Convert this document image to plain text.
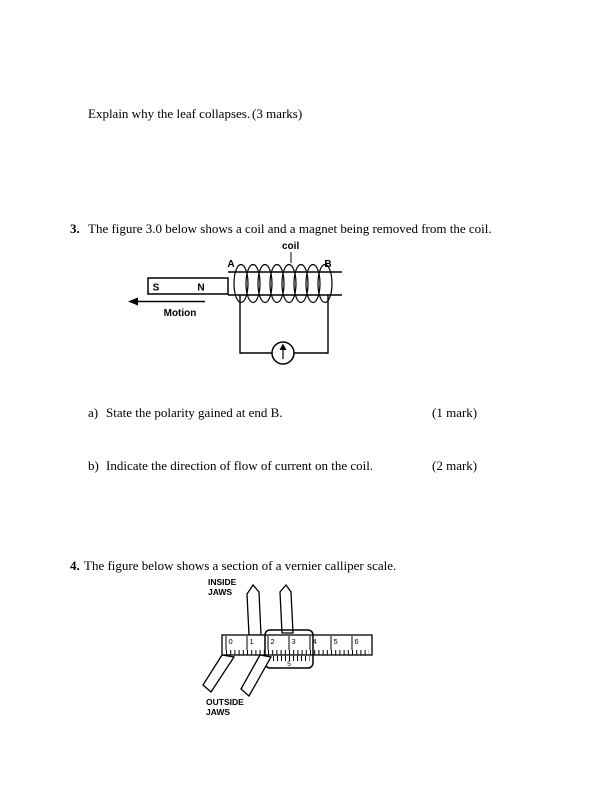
Explain why the leaf collapses. (3 marks)
3. The figure 3.0 below shows a coil and a magnet being removed from the coil.
coil
A	B
S	N
Motion
a) State the polarity gained at end B.	(1 mark)
b) Indicate the direction of flow of current on the coil.	(2 mark)
4. The figure below shows a section of a vernier calliper scale.
INSIDE
JAWS
0 1 2 3 4 5 6
5
OUTSIDE
JAWS
